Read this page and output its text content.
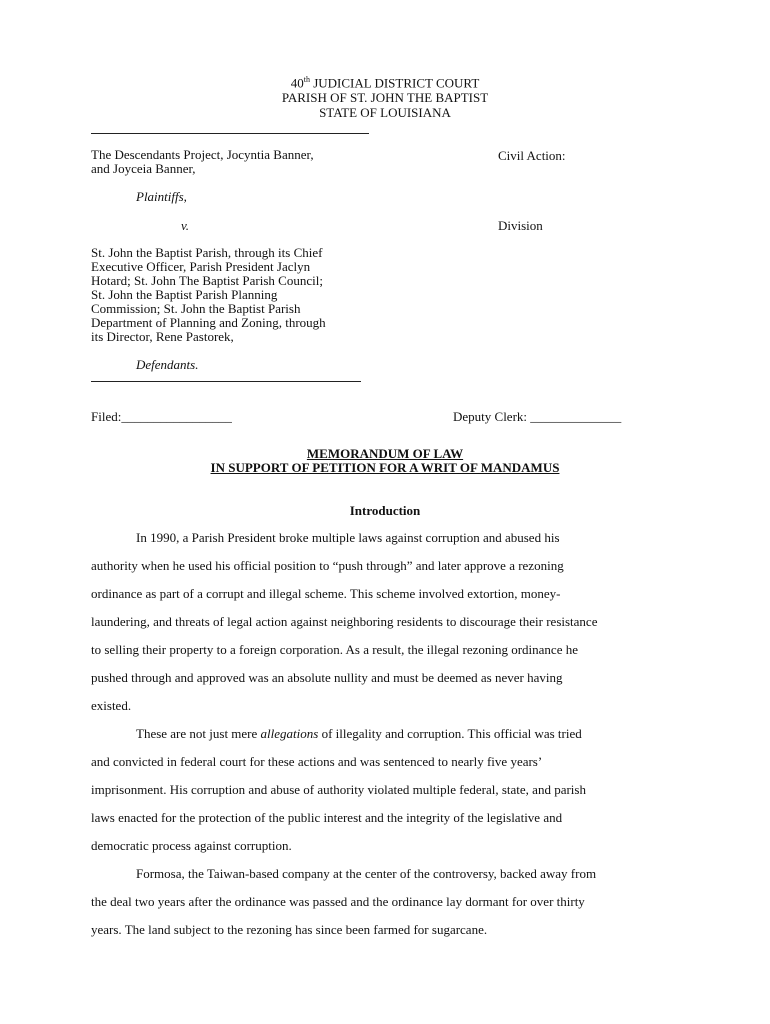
40th JUDICIAL DISTRICT COURT
PARISH OF ST. JOHN THE BAPTIST
STATE OF LOUISIANA
The Descendants Project, Jocyntia Banner,
and Joyceia Banner,
Plaintiffs,
v.
Civil Action:
Division
St. John the Baptist Parish, through its Chief
Executive Officer, Parish President Jaclyn
Hotard; St. John The Baptist Parish Council;
St. John the Baptist Parish Planning
Commission; St. John the Baptist Parish
Department of Planning and Zoning, through
its Director, Rene Pastorek,
Defendants.
Filed:_________________	Deputy Clerk: ______________
MEMORANDUM OF LAW
IN SUPPORT OF PETITION FOR A WRIT OF MANDAMUS
Introduction
In 1990, a Parish President broke multiple laws against corruption and abused his
authority when he used his official position to “push through” and later approve a rezoning
ordinance as part of a corrupt and illegal scheme. This scheme involved extortion, money-
laundering, and threats of legal action against neighboring residents to discourage their resistance
to selling their property to a foreign corporation. As a result, the illegal rezoning ordinance he
pushed through and approved was an absolute nullity and must be deemed as never having
existed.
These are not just mere allegations of illegality and corruption. This official was tried
and convicted in federal court for these actions and was sentenced to nearly five years’
imprisonment. His corruption and abuse of authority violated multiple federal, state, and parish
laws enacted for the protection of the public interest and the integrity of the legislative and
democratic process against corruption.
Formosa, the Taiwan-based company at the center of the controversy, backed away from
the deal two years after the ordinance was passed and the ordinance lay dormant for over thirty
years. The land subject to the rezoning has since been farmed for sugarcane.
